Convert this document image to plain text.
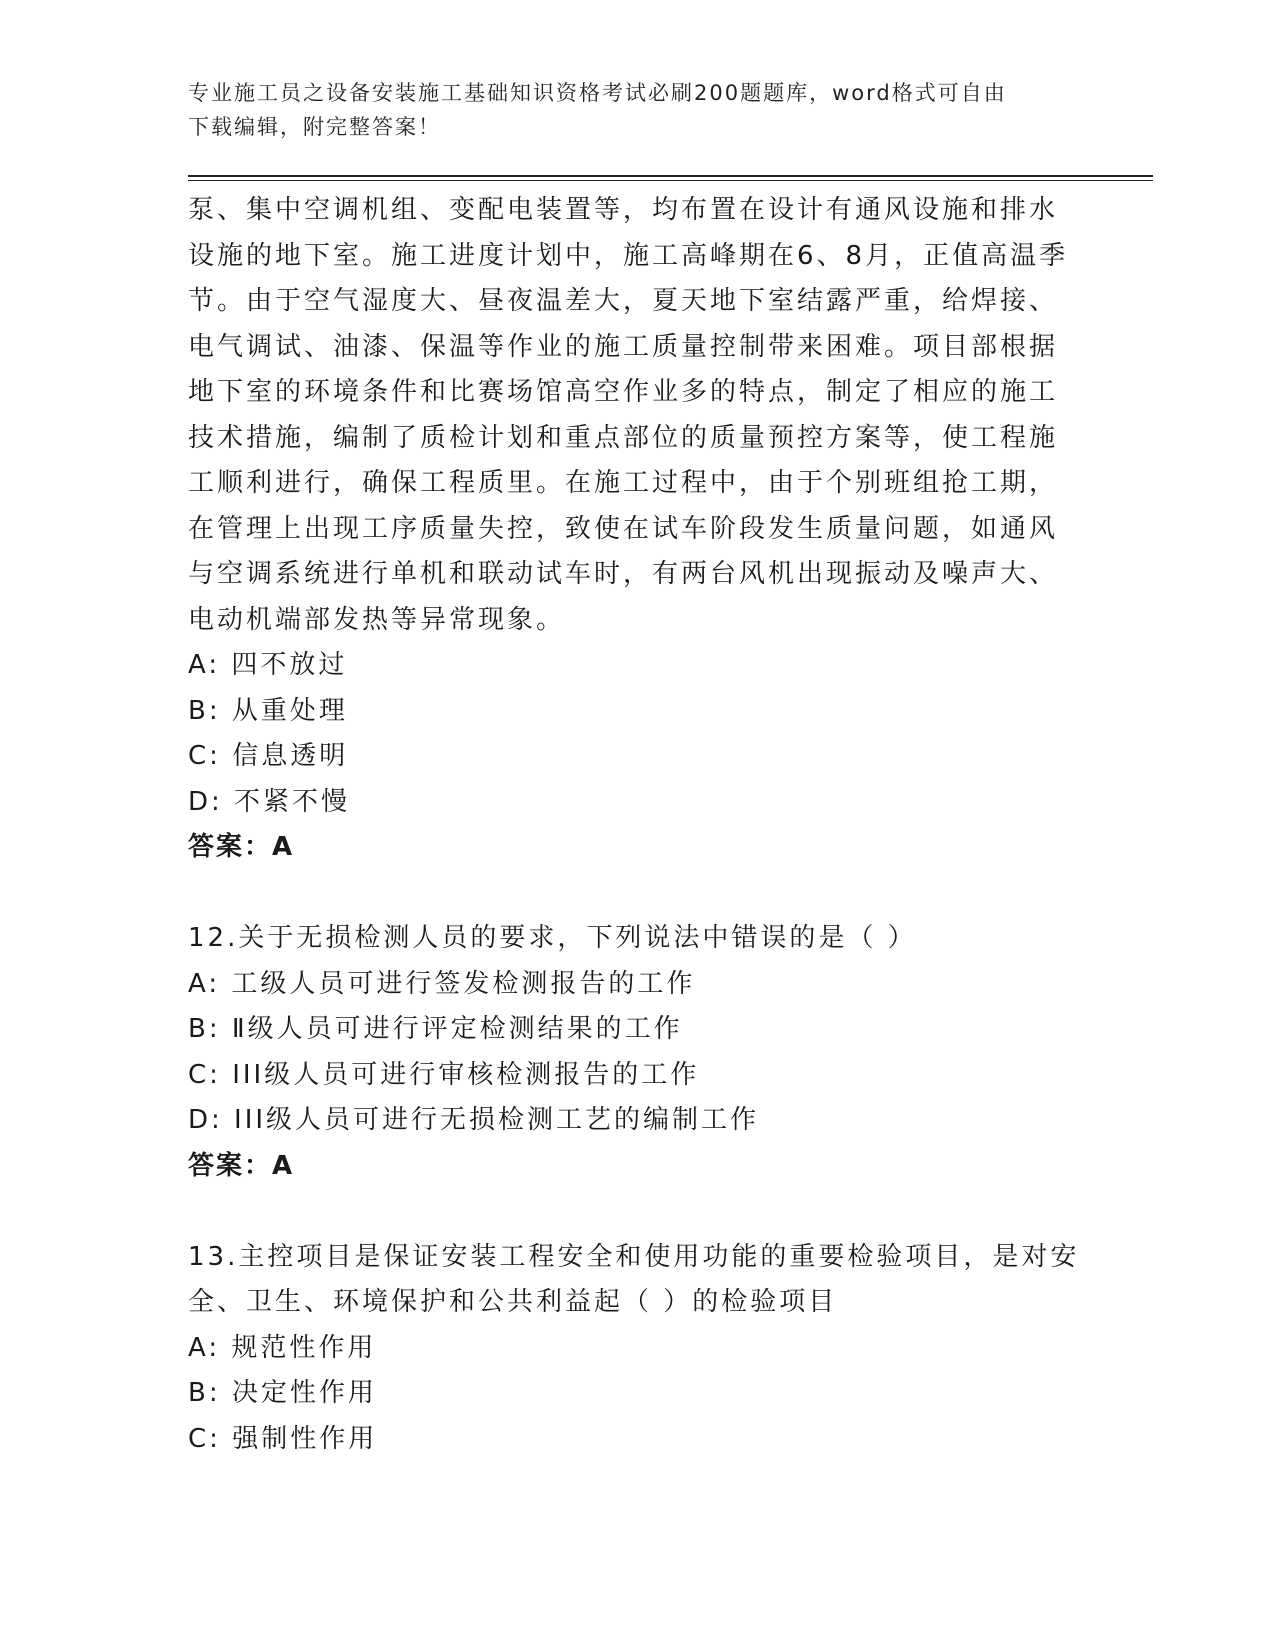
专业施工员之设备安装施工基础知识资格考试必刷200题题库，word格式可自由
下载编辑，附完整答案！
泵、集中空调机组、变配电装置等，均布置在设计有通风设施和排水
设施的地下室。施工进度计划中，施工高峰期在6、8月，正值高温季
节。由于空气湿度大、昼夜温差大，夏天地下室结露严重，给焊接、
电气调试、油漆、保温等作业的施工质量控制带来困难。项目部根据
地下室的环境条件和比赛场馆高空作业多的特点，制定了相应的施工
技术措施，编制了质检计划和重点部位的质量预控方案等，使工程施
工顺利进行，确保工程质里。在施工过程中，由于个别班组抢工期，
在管理上出现工序质量失控，致使在试车阶段发生质量问题，如通风
与空调系统进行单机和联动试车时，有两台风机出现振动及噪声大、
电动机端部发热等异常现象。
A: 四不放过
B: 从重处理
C: 信息透明
D: 不紧不慢
答案：A
12.关于无损检测人员的要求，下列说法中错误的是（ ）
A: 工级人员可进行签发检测报告的工作
B: Ⅱ级人员可进行评定检测结果的工作
C: III级人员可进行审核检测报告的工作
D: III级人员可进行无损检测工艺的编制工作
答案：A
13.主控项目是保证安装工程安全和使用功能的重要检验项目，是对安
全、卫生、环境保护和公共利益起（ ）的检验项目
A: 规范性作用
B: 决定性作用
C: 强制性作用
